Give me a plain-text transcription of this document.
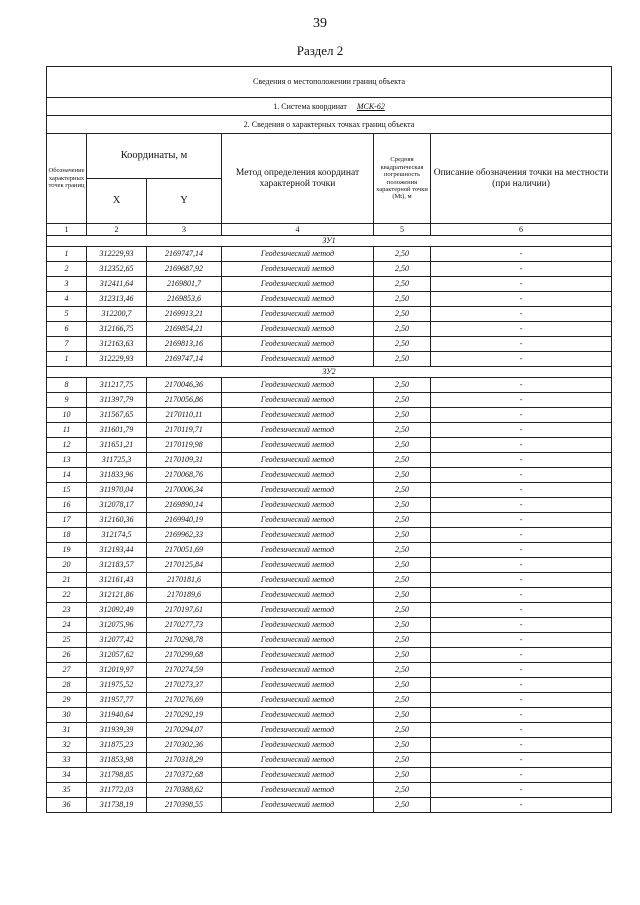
39
Раздел 2
Сведения о местоположении границ объекта					
1. Система координат МСК-62					
2. Сведения о характерных точках границ объекта					
Обозначение характерных точек границ	Координаты, м		Метод определения координат характерной точки	Средняя квадратическая погрешность положения характерной точки (Mt), м	Описание обозначения точки на местности (при наличии)
	X	Y			
1	2	3	4	5	6
ЗУ1					
1	312229,93	2169747,14	Геодезический метод	2,50	-
2	312352,65	2169687,92	Геодезический метод	2,50	-
3	312411,64	2169801,7	Геодезический метод	2,50	-
4	312313,46	2169853,6	Геодезический метод	2,50	-
5	312200,7	2169913,21	Геодезический метод	2,50	-
6	312166,75	2169854,21	Геодезический метод	2,50	-
7	312163,63	2169813,16	Геодезический метод	2,50	-
1	312229,93	2169747,14	Геодезический метод	2,50	-
ЗУ2					
8	311217,75	2170046,36	Геодезический метод	2,50	-
9	311397,79	2170056,86	Геодезический метод	2,50	-
10	311567,65	2170110,11	Геодезический метод	2,50	-
11	311601,79	2170119,71	Геодезический метод	2,50	-
12	311651,21	2170119,98	Геодезический метод	2,50	-
13	311725,3	2170109,31	Геодезический метод	2,50	-
14	311833,96	2170068,76	Геодезический метод	2,50	-
15	311970,04	2170006,34	Геодезический метод	2,50	-
16	312078,17	2169890,14	Геодезический метод	2,50	-
17	312160,36	2169940,19	Геодезический метод	2,50	-
18	312174,5	2169962,33	Геодезический метод	2,50	-
19	312193,44	2170051,69	Геодезический метод	2,50	-
20	312183,57	2170125,84	Геодезический метод	2,50	-
21	312161,43	2170181,6	Геодезический метод	2,50	-
22	312121,86	2170189,6	Геодезический метод	2,50	-
23	312092,49	2170197,61	Геодезический метод	2,50	-
24	312075,96	2170277,73	Геодезический метод	2,50	-
25	312077,42	2170298,78	Геодезический метод	2,50	-
26	312057,62	2170299,68	Геодезический метод	2,50	-
27	312019,97	2170274,59	Геодезический метод	2,50	-
28	311975,52	2170273,37	Геодезический метод	2,50	-
29	311957,77	2170276,69	Геодезический метод	2,50	-
30	311940,64	2170292,19	Геодезический метод	2,50	-
31	311939,39	2170294,07	Геодезический метод	2,50	-
32	311875,23	2170302,36	Геодезический метод	2,50	-
33	311853,98	2170318,29	Геодезический метод	2,50	-
34	311798,85	2170372,68	Геодезический метод	2,50	-
35	311772,03	2170388,62	Геодезический метод	2,50	-
36	311738,19	2170398,55	Геодезический метод	2,50	-
